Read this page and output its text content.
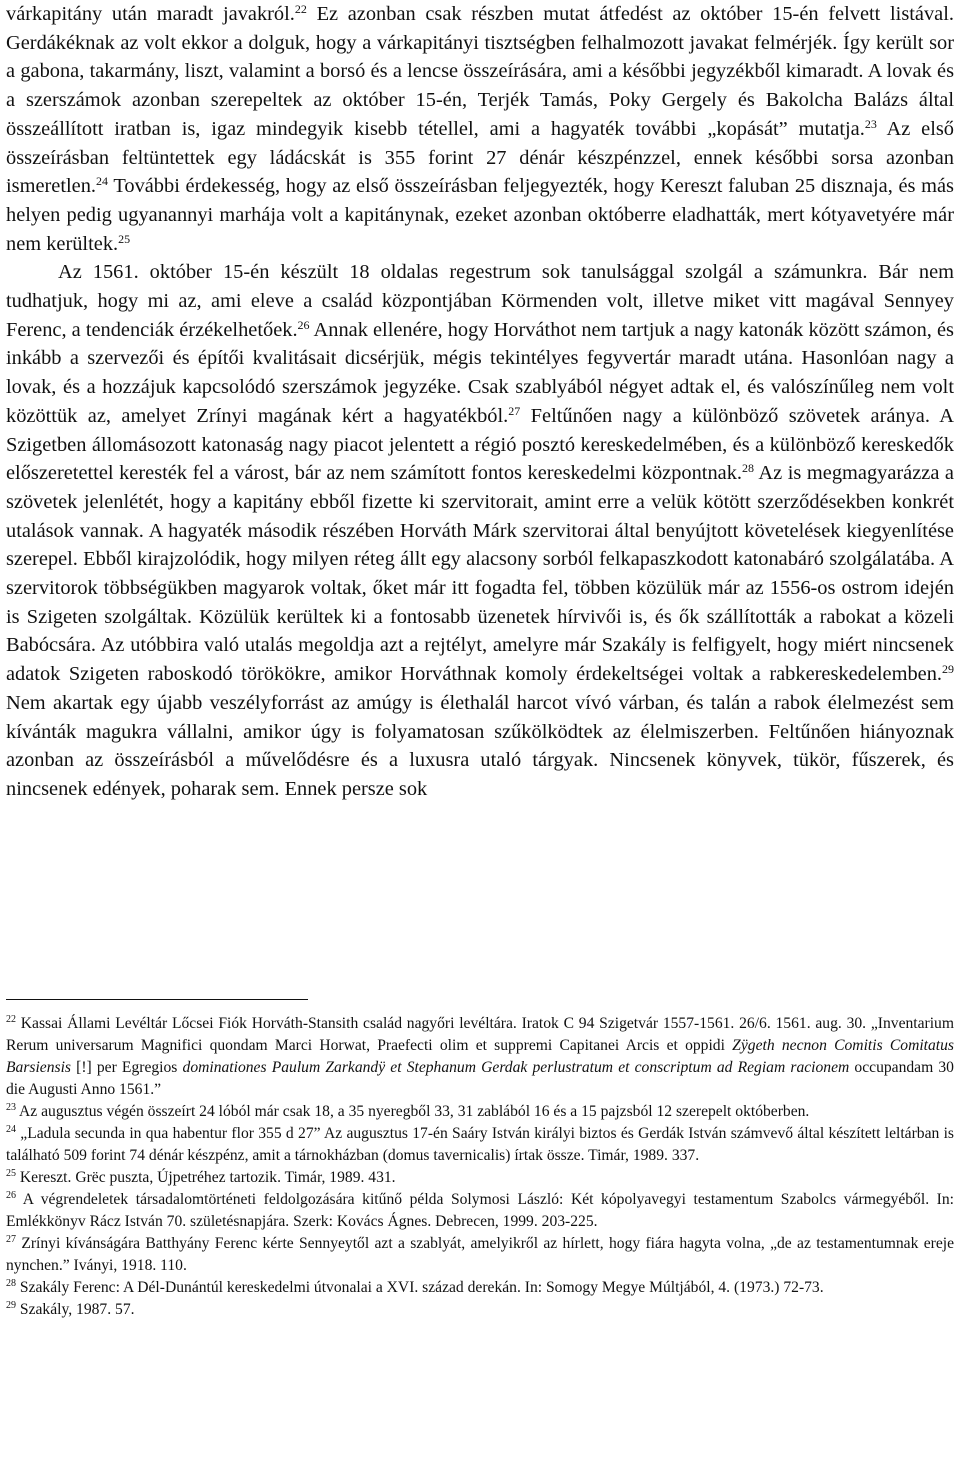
várkapitány után maradt javakról.$^{22}$ Ez azonban csak részben mutat átfedést az október 15-én felvett listával. Gerdákéknak az volt ekkor a dolguk, hogy a várkapitányi tisztségben felhalmozott javakat felmérjék. Így került sor a gabona, takarmány, liszt, valamint a borsó és a lencse összeírására, ami a későbbi jegyzékből kimaradt. A lovak és a szerszámok azonban szerepeltek az október 15-én, Terjék Tamás, Poky Gergely és Bakolcha Balázs által összeállított iratban is, igaz mindegyik kisebb tétellel, ami a hagyaték további „kopását” mutatja.$^{23}$ Az első összeírásban feltüntettek egy ládácskát is 355 forint 27 dénár készpénzzel, ennek későbbi sorsa azonban ismeretlen.$^{24}$ További érdekesség, hogy az első összeírásban feljegyezték, hogy Kereszt faluban 25 disznaja, és más helyen pedig ugyanannyi marhája volt a kapitánynak, ezeket azonban októberre eladhatták, mert kótyavetyére már nem kerültek.$^{25}$

Az 1561. október 15-én készült 18 oldalas regestrum sok tanulsággal szolgál a számunkra. Bár nem tudhatjuk, hogy mi az, ami eleve a család központjában Körmenden volt, illetve miket vitt magával Sennyey Ferenc, a tendenciák érzékelhetőek.$^{26}$ Annak ellenére, hogy Horváthot nem tartjuk a nagy katonák között számon, és inkább a szervezői és építői kvalitásait dicsérjük, mégis tekintélyes fegyvertár maradt utána. Hasonlóan nagy a lovak, és a hozzájuk kapcsolódó szerszámok jegyzéke. Csak szablyából négyet adtak el, és valószínűleg nem volt közöttük az, amelyet Zrínyi magának kért a hagyatékból.$^{27}$ Feltűnően nagy a különböző szövetek aránya. A Szigetben állomásozott katonaság nagy piacot jelentett a régió posztó kereskedelmében, és a különböző kereskedők előszeretettel keresték fel a várost, bár az nem számított fontos kereskedelmi központnak.$^{28}$ Az is megmagyarázza a szövetek jelenlétét, hogy a kapitány ebből fizette ki szervitorait, amint erre a velük kötött szerződésekben konkrét utalások vannak. A hagyaték második részében Horváth Márk szervitorai által benyújtott követelések kiegyenlítése szerepel. Ebből kirajzolódik, hogy milyen réteg állt egy alacsony sorból felkapaszkodott katonabáró szolgálatába. A szervitorok többségükben magyarok voltak, őket már itt fogadta fel, többen közülük már az 1556-os ostrom idején is Szigeten szolgáltak. Közülük kerültek ki a fontosabb üzenetek hírvivői is, és ők szállították a rabokat a közeli Babócsára. Az utóbbira való utalás megoldja azt a rejtélyt, amelyre már Szakály is felfigyelt, hogy miért nincsenek adatok Szigeten raboskodó törökökre, amikor Horváthnak komoly érdekeltségei voltak a rabkereskedelemben.$^{29}$ Nem akartak egy újabb veszélyforrást az amúgy is élethalál harcot vívó várban, és talán a rabok élelmezést sem kívánták magukra vállalni, amikor úgy is folyamatosan szűkölködtek az élelmiszerben. Feltűnően hiányoznak azonban az összeírásból a művelődésre és a luxusra utaló tárgyak. Nincsenek könyvek, tükör, fűszerek, és nincsenek edények, poharak sem. Ennek persze sok

$^{22}$ Kassai Állami Levéltár Lőcsei Fiók Horváth-Stansith család nagyőri levéltára. Iratok C 94 Szigetvár 1557-1561. 26/6. 1561. aug. 30. „Inventarium Rerum universarum Magnifici quondam Marci Horwat, Praefecti olim et suppremi Capitanei Arcis et oppidi Zÿgeth necnon Comitis Comitatus Barsiensis [!] per Egregios dominationes Paulum Zarkandÿ et Stephanum Gerdak perlustratum et conscriptum ad Regiam racionem occupandam 30 die Augusti Anno 1561.”

$^{23}$ Az augusztus végén összeírt 24 lóból már csak 18, a 35 nyeregből 33, 31 zablából 16 és a 15 pajzsból 12 szerepelt októberben.

$^{24}$ „Ladula secunda in qua habentur flor 355 d 27” Az augusztus 17-én Saáry István királyi biztos és Gerdák István számvevő által készített leltárban is található 509 forint 74 dénár készpénz, amit a tárnokházban (domus tavernicalis) írtak össze. Timár, 1989. 337.

$^{25}$ Kereszt. Grëc puszta, Újpetréhez tartozik. Timár, 1989. 431.

$^{26}$ A végrendeletek társadalomtörténeti feldolgozására kitűnő példa Solymosi László: Két kópolyavegyi testamentum Szabolcs vármegyéből. In: Emlékkönyv Rácz István 70. születésnapjára. Szerk: Kovács Ágnes. Debrecen, 1999. 203-225.

$^{27}$ Zrínyi kívánságára Batthyány Ferenc kérte Sennyeytől azt a szablyát, amelyikről az hírlett, hogy fiára hagyta volna, „de az testamentumnak ereje nynchen.” Iványi, 1918. 110.

$^{28}$ Szakály Ferenc: A Dél-Dunántúl kereskedelmi útvonalai a XVI. század derekán. In: Somogy Megye Múltjából, 4. (1973.) 72-73.

$^{29}$ Szakály, 1987. 57.
